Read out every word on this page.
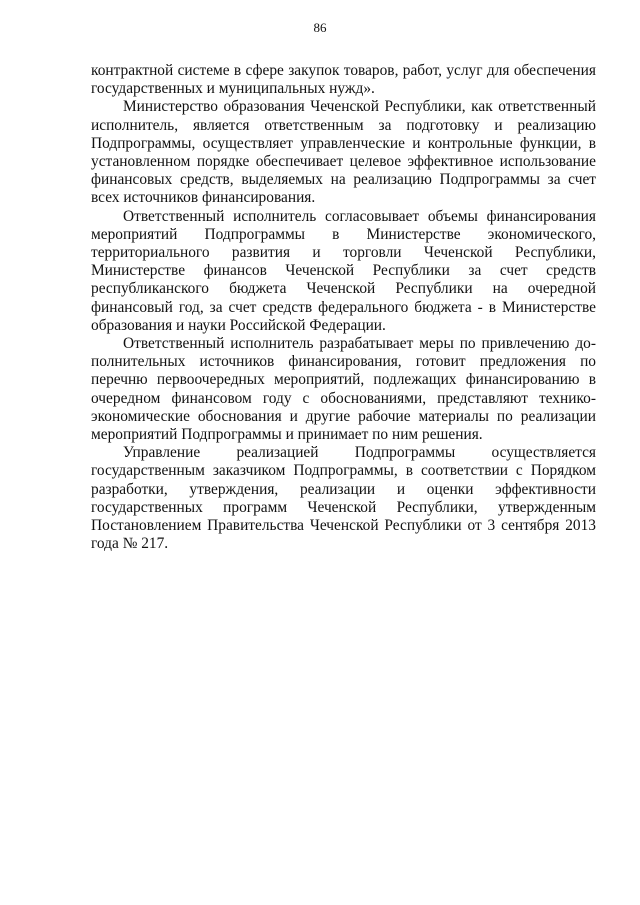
86

контрактной системе в сфере закупок товаров, работ, услуг для обеспечения государственных и муниципальных нужд».

Министерство образования Чеченской Республики, как ответственный исполнитель, является ответственным за подготовку и реализацию Подпрограммы, осуществляет управленческие и контрольные функции, в установленном порядке обеспечивает целевое эффективное использование финансовых средств, выделяемых на реализацию Подпрограммы за счет всех источников финансирования.

Ответственный исполнитель согласовывает объемы финансирования мероприятий Подпрограммы в Министерстве экономического, территориального развития и торговли Чеченской Республики, Министерстве финансов Чеченской Республики за счет средств республиканского бюджета Чеченской Республики на очередной финансовый год, за счет средств федерального бюджета - в Министерстве образования и науки Российской Федерации.

Ответственный исполнитель разрабатывает меры по привлечению дополнительных источников финансирования, готовит предложения по перечню первоочередных мероприятий, подлежащих финансированию в очередном финансовом году с обоснованиями, представляют технико-экономические обоснования и другие рабочие материалы по реализации мероприятий Подпрограммы и принимает по ним решения.

Управление реализацией Подпрограммы осуществляется государственным заказчиком Подпрограммы, в соответствии с Порядком разработки, утверждения, реализации и оценки эффективности государственных программ Чеченской Республики, утвержденным Постановлением Правительства Чеченской Республики от 3 сентября 2013 года № 217.
